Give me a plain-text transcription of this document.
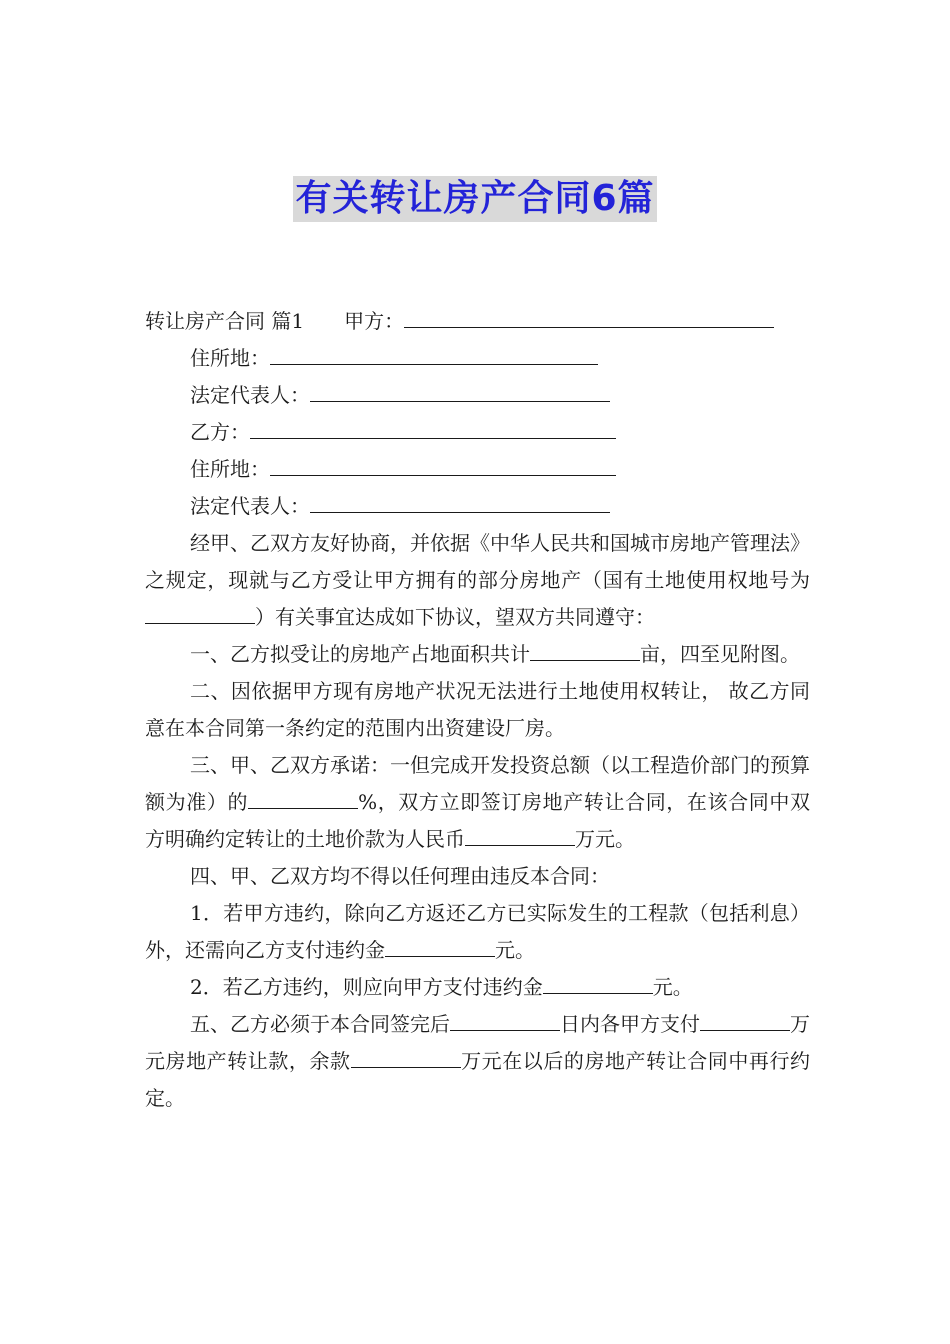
有关转让房产合同6篇
转让房产合同 篇1 甲方：
住所地：
法定代表人：
乙方：
住所地：
法定代表人：
经甲、乙双方友好协商，并依据《中华人民共和国城市房地产管理法》之规定，现就与乙方受让甲方拥有的部分房地产（国有土地使用权地号为）有关事宜达成如下协议，望双方共同遵守：
一、乙方拟受让的房地产占地面积共计	亩，四至见附图。
二、因依据甲方现有房地产状况无法进行土地使用权转让， 故乙方同意在本合同第一条约定的范围内出资建设厂房。
三、甲、乙双方承诺：一但完成开发投资总额（以工程造价部门的预算额为准）的	%，双方立即签订房地产转让合同，在该合同中双方明确约定转让的土地价款为人民币	万元。
四、甲、乙双方均不得以任何理由违反本合同：
1．若甲方违约，除向乙方返还乙方已实际发生的工程款（包括利息）外，还需向乙方支付违约金	元。
2．若乙方违约，则应向甲方支付违约金	元。
五、乙方必须于本合同签完后	日内各甲方支付	万元房地产转让款，余款	万元在以后的房地产转让合同中再行约定。
